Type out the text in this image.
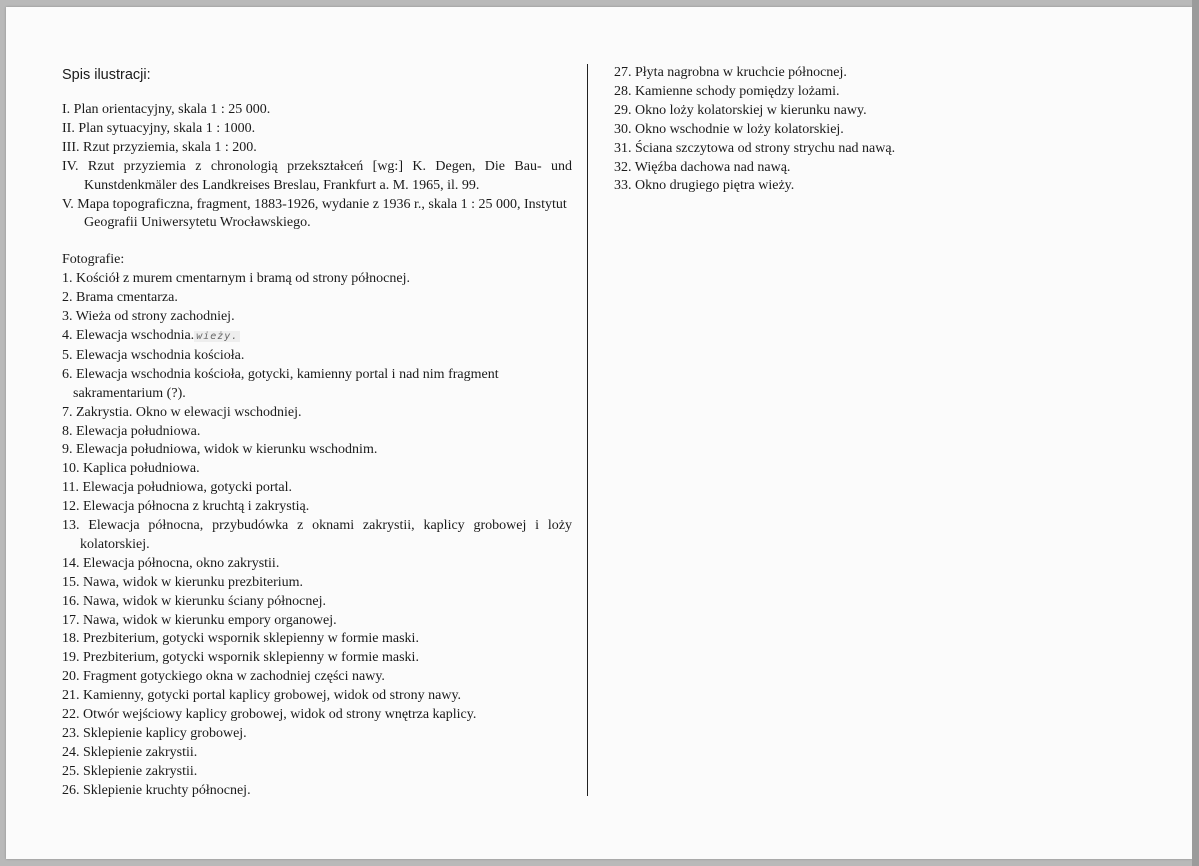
Spis ilustracji:
I. Plan orientacyjny, skala 1 : 25 000.
II. Plan sytuacyjny, skala 1 : 1000.
III. Rzut przyziemia, skala 1 : 200.
IV. Rzut przyziemia z chronologią przekształceń [wg:] K. Degen, Die Bau- und Kunstdenkmäler des Landkreises Breslau, Frankfurt a. M. 1965, il. 99.
V. Mapa topograficzna, fragment, 1883-1926, wydanie z 1936 r., skala 1 : 25 000, Instytut Geografii Uniwersytetu Wrocławskiego.

Fotografie:

1. Kościół z murem cmentarnym i bramą od strony północnej.
2. Brama cmentarza.
3. Wieża od strony zachodniej.
4. Elewacja wschodnia. wieży.
5. Elewacja wschodnia kościoła.
6. Elewacja wschodnia kościoła, gotycki, kamienny portal i nad nim fragment sakramentarium (?).
7. Zakrystia. Okno w elewacji wschodniej.
8. Elewacja południowa.
9. Elewacja południowa, widok w kierunku wschodnim.
10. Kaplica południowa.
11. Elewacja południowa, gotycki portal.
12. Elewacja północna z kruchtą i zakrystią.
13. Elewacja północna, przybudówka z oknami zakrystii, kaplicy grobowej i loży kolatorskiej.
14. Elewacja północna, okno zakrystii.
15. Nawa, widok w kierunku prezbiterium.
16. Nawa, widok w kierunku ściany północnej.
17. Nawa, widok w kierunku empory organowej.
18. Prezbiterium, gotycki wspornik sklepienny w formie maski.
19. Prezbiterium, gotycki wspornik sklepienny w formie maski.
20. Fragment gotyckiego okna w zachodniej części nawy.
21. Kamienny, gotycki portal kaplicy grobowej, widok od strony nawy.
22. Otwór wejściowy kaplicy grobowej, widok od strony wnętrza kaplicy.
23. Sklepienie kaplicy grobowej.
24. Sklepienie zakrystii.
25. Sklepienie zakrystii.
26. Sklepienie kruchty północnej.
27. Płyta nagrobna w kruchcie północnej.
28. Kamienne schody pomiędzy lożami.
29. Okno loży kolatorskiej w kierunku nawy.
30. Okno wschodnie w loży kolatorskiej.
31. Ściana szczytowa od strony strychu nad nawą.
32. Więźba dachowa nad nawą.
33. Okno drugiego piętra wieży.
